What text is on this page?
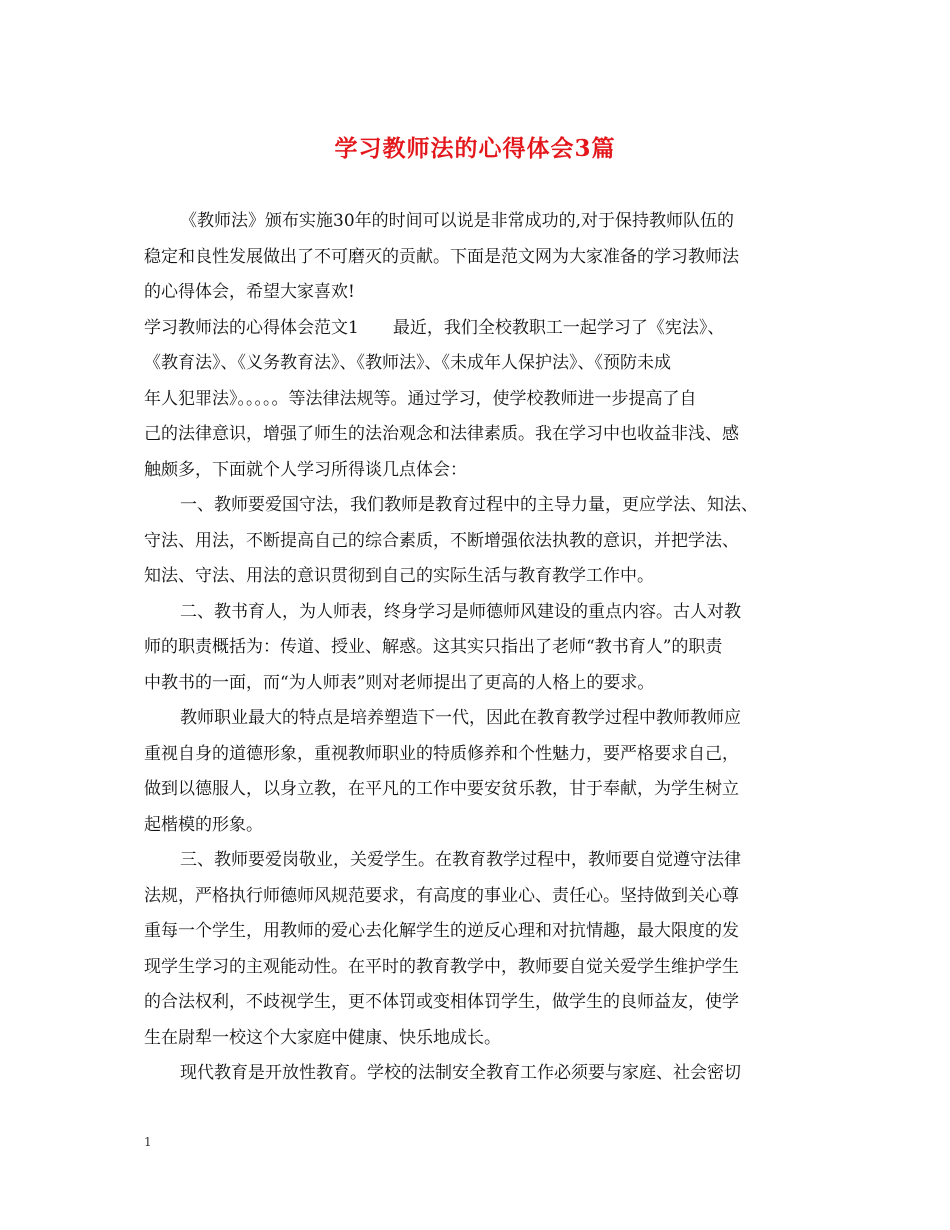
学习教师法的心得体会3篇
《教师法》颁布实施30年的时间可以说是非常成功的,对于保持教师队伍的
稳定和良性发展做出了不可磨灭的贡献。下面是范文网为大家准备的学习教师法
的心得体会，希望大家喜欢!
学习教师法的心得体会范文1　　最近，我们全校教职工一起学习了《宪法》、
《教育法》、《义务教育法》、《教师法》、《未成年人保护法》、《预防未成
年人犯罪法》。。。。。等法律法规等。通过学习，使学校教师进一步提高了自
己的法律意识，增强了师生的法治观念和法律素质。我在学习中也收益非浅、感
触颇多，下面就个人学习所得谈几点体会：
一、教师要爱国守法，我们教师是教育过程中的主导力量，更应学法、知法、
守法、用法，不断提高自己的综合素质，不断增强依法执教的意识，并把学法、
知法、守法、用法的意识贯彻到自己的实际生活与教育教学工作中。
二、教书育人，为人师表，终身学习是师德师风建设的重点内容。古人对教
师的职责概括为：传道、授业、解惑。这其实只指出了老师“教书育人”的职责
中教书的一面，而“为人师表”则对老师提出了更高的人格上的要求。
教师职业最大的特点是培养塑造下一代，因此在教育教学过程中教师教师应
重视自身的道德形象，重视教师职业的特质修养和个性魅力，要严格要求自己，
做到以德服人，以身立教，在平凡的工作中要安贫乐教，甘于奉献，为学生树立
起楷模的形象。
三、教师要爱岗敬业，关爱学生。在教育教学过程中，教师要自觉遵守法律
法规，严格执行师德师风规范要求，有高度的事业心、责任心。坚持做到关心尊
重每一个学生，用教师的爱心去化解学生的逆反心理和对抗情趣，最大限度的发
现学生学习的主观能动性。在平时的教育教学中，教师要自觉关爱学生维护学生
的合法权利，不歧视学生，更不体罚或变相体罚学生，做学生的良师益友，使学
生在尉犁一校这个大家庭中健康、快乐地成长。
现代教育是开放性教育。学校的法制安全教育工作必须要与家庭、社会密切
1
